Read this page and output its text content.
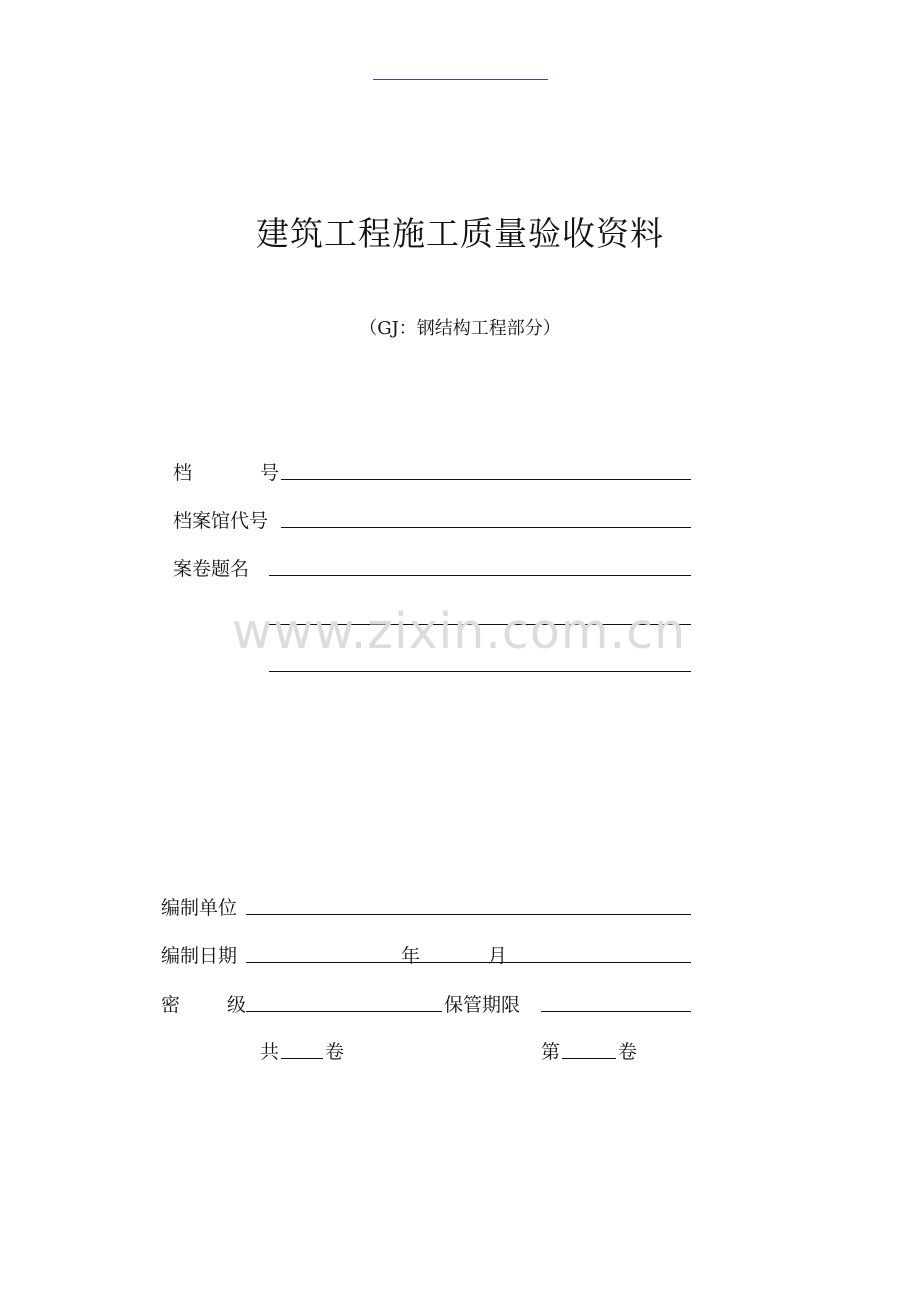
建筑工程施工质量验收资料
（GJ：钢结构工程部分）
档	号
档案馆代号
案卷题名
www.zixin.com.cn
编制单位
编制日期	年	月
密 级	保管期限
共 卷	第	卷
